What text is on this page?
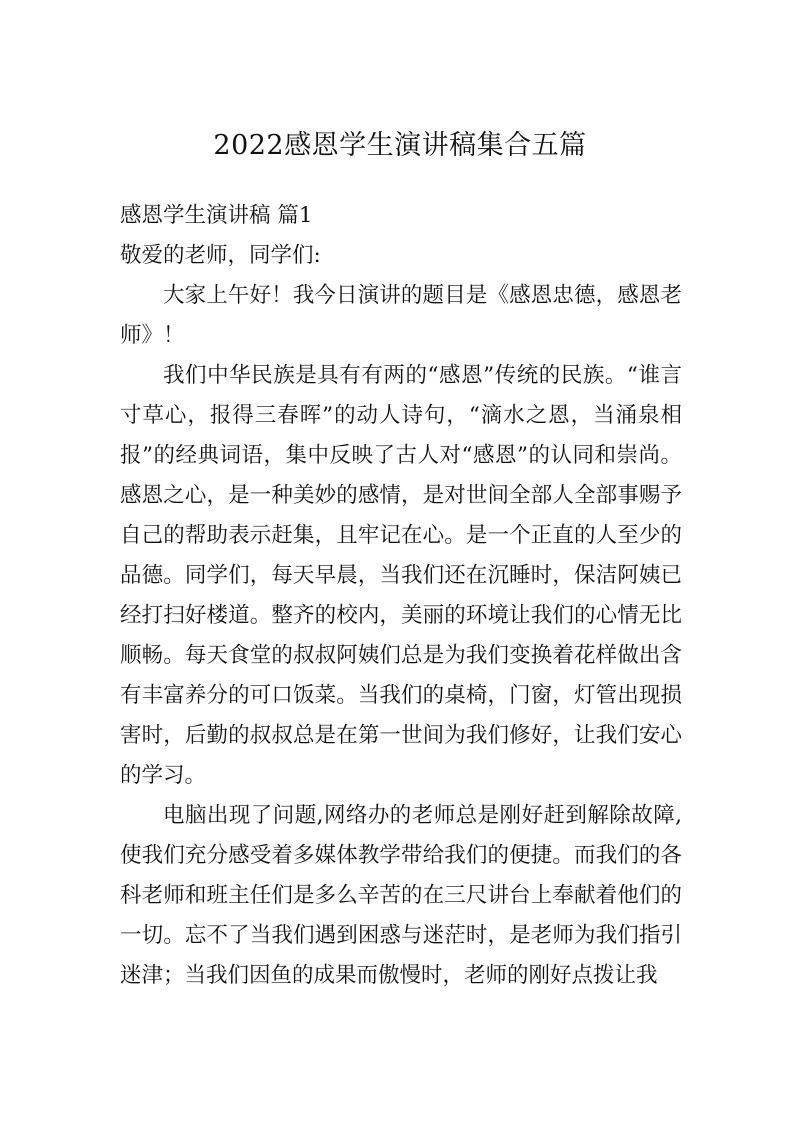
2022感恩学生演讲稿集合五篇

感恩学生演讲稿 篇1

敬爱的老师，同学们:

大家上午好！我今日演讲的题目是《感恩忠德，感恩老师》！

我们中华民族是具有有两的“感恩”传统的民族。“谁言寸草心，报得三春晖”的动人诗句，“滴水之恩，当涌泉相报”的经典词语，集中反映了古人对“感恩”的认同和崇尚。感恩之心，是一种美妙的感情，是对世间全部人全部事赐予自己的帮助表示赶集，且牢记在心。是一个正直的人至少的品德。同学们，每天早晨，当我们还在沉睡时，保洁阿姨已经打扫好楼道。整齐的校内，美丽的环境让我们的心情无比顺畅。每天食堂的叔叔阿姨们总是为我们变换着花样做出含有丰富养分的可口饭菜。当我们的桌椅，门窗，灯管出现损害时，后勤的叔叔总是在第一世间为我们修好，让我们安心的学习。

电脑出现了问题,网络办的老师总是刚好赶到解除故障,使我们充分感受着多媒体教学带给我们的便捷。而我们的各科老师和班主任们是多么辛苦的在三尺讲台上奉献着他们的一切。忘不了当我们遇到困惑与迷茫时，是老师为我们指引迷津；当我们因鱼的成果而傲慢时，老师的刚好点拨让我
